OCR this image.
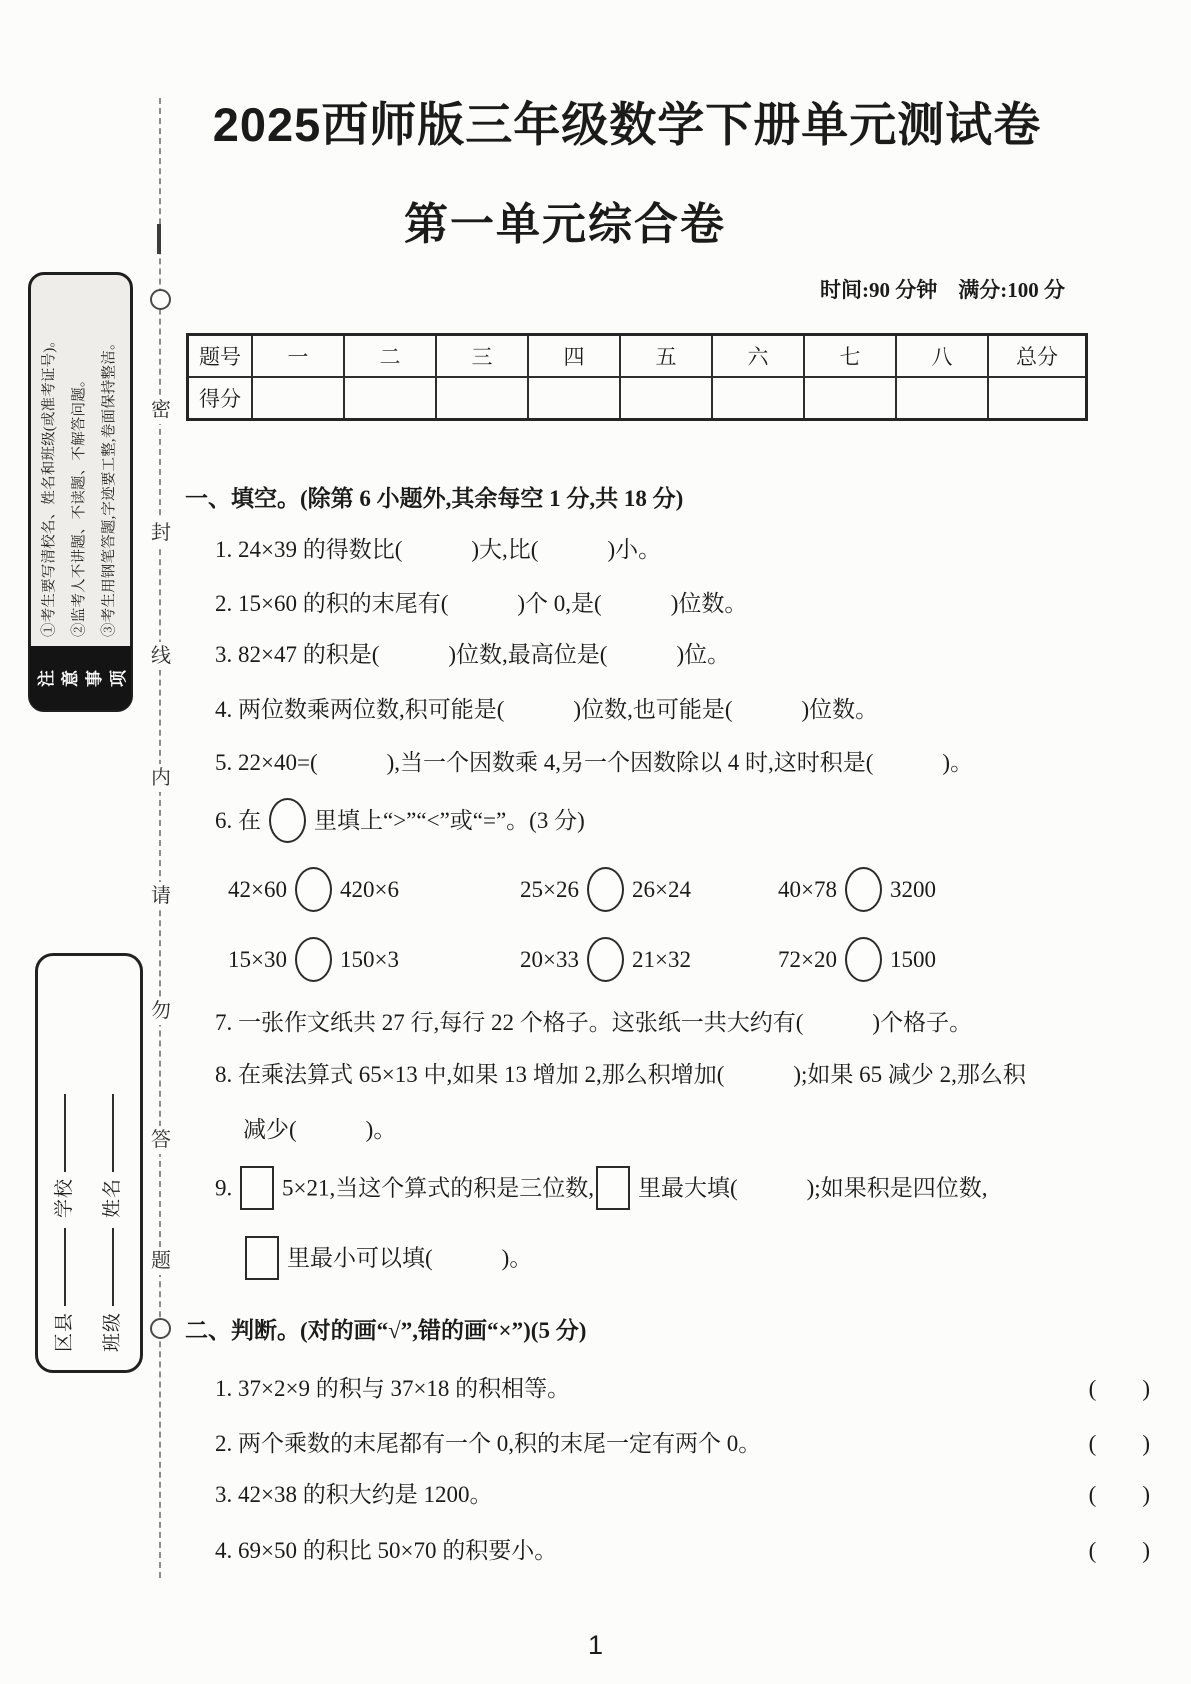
密
封
线
内
请
勿
答
题
①考生要写清校名、姓名和班级(或准考证号)。 ②监考人不讲题、不读题、不解答问题。 ③考生用钢笔答题,字迹要工整,卷面保持整洁。
注 意 事 项
区县
学校
班级
姓名
2025西师版三年级数学下册单元测试卷
第一单元综合卷
时间:90 分钟　满分:100 分
题号	一	二	三	四	五	六	七	八	总分
得分									
一、填空。(除第 6 小题外,其余每空 1 分,共 18 分)
1. 24×39 的得数比(　　　)大,比(　　　)小。
2. 15×60 的积的末尾有(　　　)个 0,是(　　　)位数。
3. 82×47 的积是(　　　)位数,最高位是(　　　)位。
4. 两位数乘两位数,积可能是(　　　)位数,也可能是(　　　)位数。
5. 22×40=(　　　),当一个因数乘 4,另一个因数除以 4 时,这时积是(　　　)。
6. 在 里填上“>”“<”或“=”。(3 分)
42×60 420×6	25×26 26×24	40×78 3200
15×30 150×3	20×33 21×32	72×20 1500
7. 一张作文纸共 27 行,每行 22 个格子。这张纸一共大约有(　　　)个格子。
8. 在乘法算式 65×13 中,如果 13 增加 2,那么积增加(　　　);如果 65 减少 2,那么积
减少(　　　)。
9. 5×21,当这个算式的积是三位数, 里最大填(　　　);如果积是四位数,
里最小可以填(　　　)。
二、判断。(对的画“√”,错的画“×”)(5 分)
1. 37×2×9 的积与 37×18 的积相等。	(　　)
2. 两个乘数的末尾都有一个 0,积的末尾一定有两个 0。	(　　)
3. 42×38 的积大约是 1200。	(　　)
4. 69×50 的积比 50×70 的积要小。	(　　)
1
